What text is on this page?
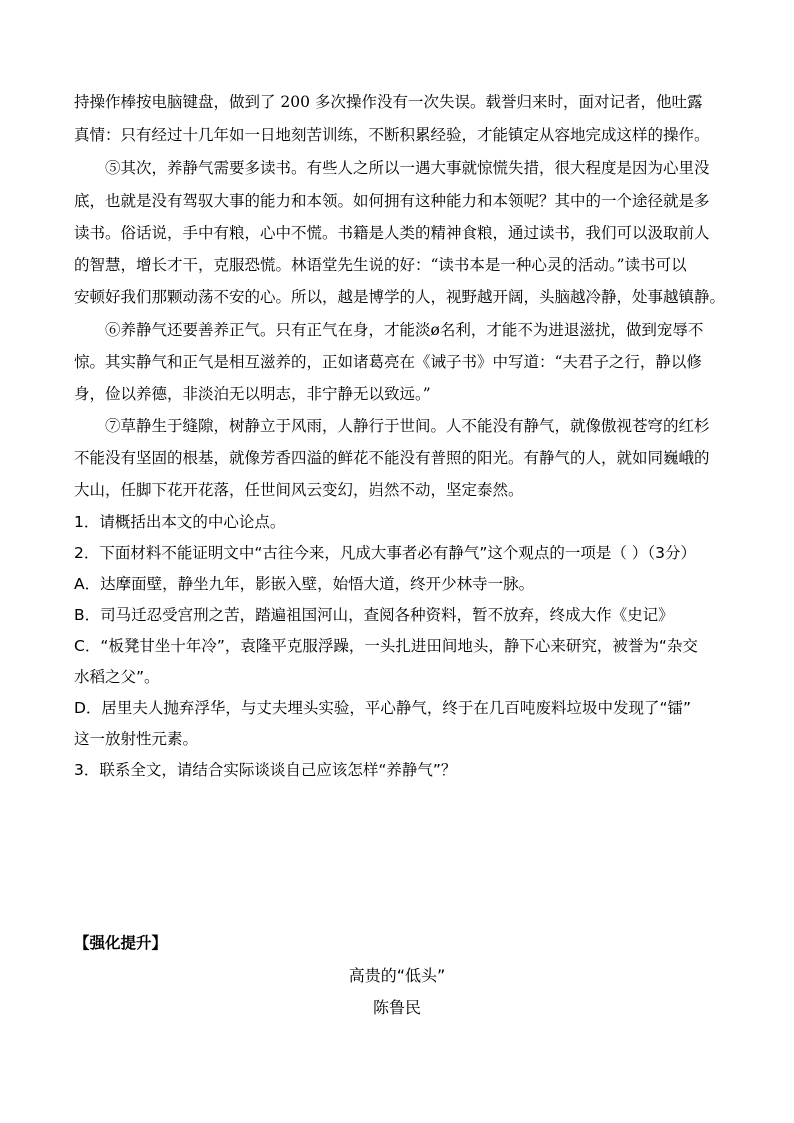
持操作棒按电脑键盘，做到了 200 多次操作没有一次失误。载誉归来时，面对记者，他吐露
真情：只有经过十几年如一日地刻苦训练，不断积累经验，才能镇定从容地完成这样的操作。
⑤其次，养静气需要多读书。有些人之所以一遇大事就惊慌失措，很大程度是因为心里没
底，也就是没有驾驭大事的能力和本领。如何拥有这种能力和本领呢？其中的一个途径就是多
读书。俗话说，手中有粮，心中不慌。书籍是人类的精神食粮，通过读书，我们可以汲取前人
的智慧，增长才干，克服恐慌。林语堂先生说的好：“读书本是一种心灵的活动。”读书可以
安顿好我们那颗动荡不安的心。所以，越是博学的人，视野越开阔，头脑越冷静，处事越镇静。
⑥养静气还要善养正气。只有正气在身，才能淡ø名利，才能不为进退滋扰，做到宠辱不
惊。其实静气和正气是相互滋养的，正如诸葛亮在《诫子书》中写道：“夫君子之行，静以修
身，俭以养德，非淡泊无以明志，非宁静无以致远。”
⑦草静生于缝隙，树静立于风雨，人静行于世间。人不能没有静气，就像傲视苍穹的红杉
不能没有坚固的根基，就像芳香四溢的鲜花不能没有普照的阳光。有静气的人，就如同巍峨的
大山，任脚下花开花落，任世间风云变幻，岿然不动，坚定泰然。
1．请概括出本文的中心论点。
2．下面材料不能证明文中“古往今来，凡成大事者必有静气”这个观点的一项是（ ）（3分）
A．达摩面壁，静坐九年，影嵌入壁，始悟大道，终开少林寺一脉。
B．司马迁忍受宫刑之苦，踏遍祖国河山，查阅各种资料，暂不放弃，终成大作《史记》
C．“板凳甘坐十年冷”，袁隆平克服浮躁，一头扎进田间地头，静下心来研究，被誉为“杂交
水稻之父”。
D．居里夫人抛弃浮华，与丈夫埋头实验，平心静气，终于在几百吨废料垃圾中发现了“镭”
这一放射性元素。
3．联系全文，请结合实际谈谈自己应该怎样“养静气”？
【强化提升】
高贵的“低头”
陈鲁民
